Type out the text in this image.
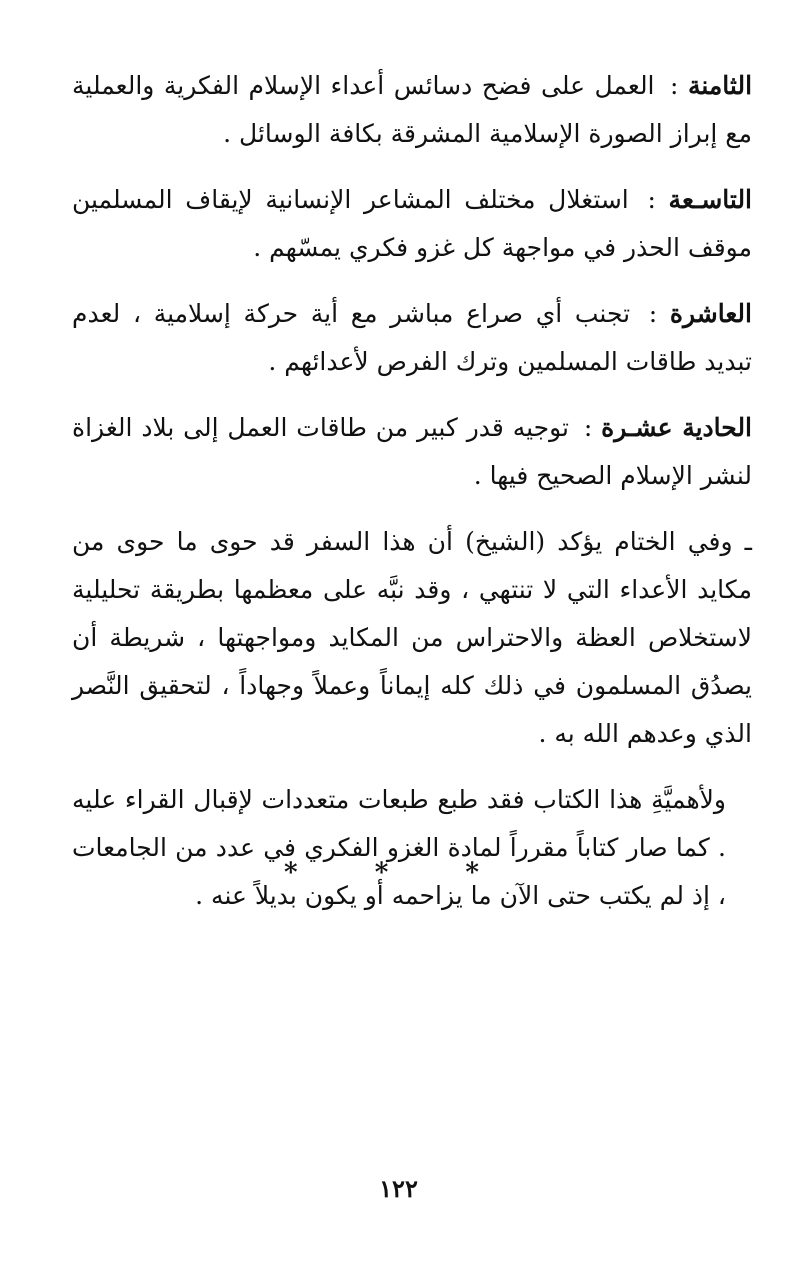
الثامنة : العمل على فضح دسائس أعداء الإسلام الفكرية والعملية مع إبراز الصورة الإسلامية المشرقة بكافة الوسائل .

التاسـعة : استغلال مختلف المشاعر الإنسانية لإيقاف المسلمين موقف الحذر في مواجهة كل غزو فكري يمسّهم .

العاشرة : تجنب أي صراع مباشر مع أية حركة إسلامية ، لعدم تبديد طاقات المسلمين وترك الفرص لأعدائهم .

الحادية عشـرة : توجيه قدر كبير من طاقات العمل إلى بلاد الغزاة لنشر الإسلام الصحيح فيها .

ـ وفي الختام يؤكد (الشيخ) أن هذا السفر قد حوى ما حوى من مكايد الأعداء التي لا تنتهي ، وقد نبَّه على معظمها بطريقة تحليلية لاستخلاص العظة والاحتراس من المكايد ومواجهتها ، شريطة أن يصدُق المسلمون في ذلك كله إيماناً وعملاً وجهاداً ، لتحقيق النَّصر الذي وعدهم الله به .

ولأهميَّةِ هذا الكتاب فقد طبع طبعات متعددات لإقبال القراء عليه . كما صار كتاباً مقرراً لمادة الغزو الفكري في عدد من الجامعات ، إذ لم يكتب حتى الآن ما يزاحمه أو يكون بديلاً عنه .

* * *
١٢٢
